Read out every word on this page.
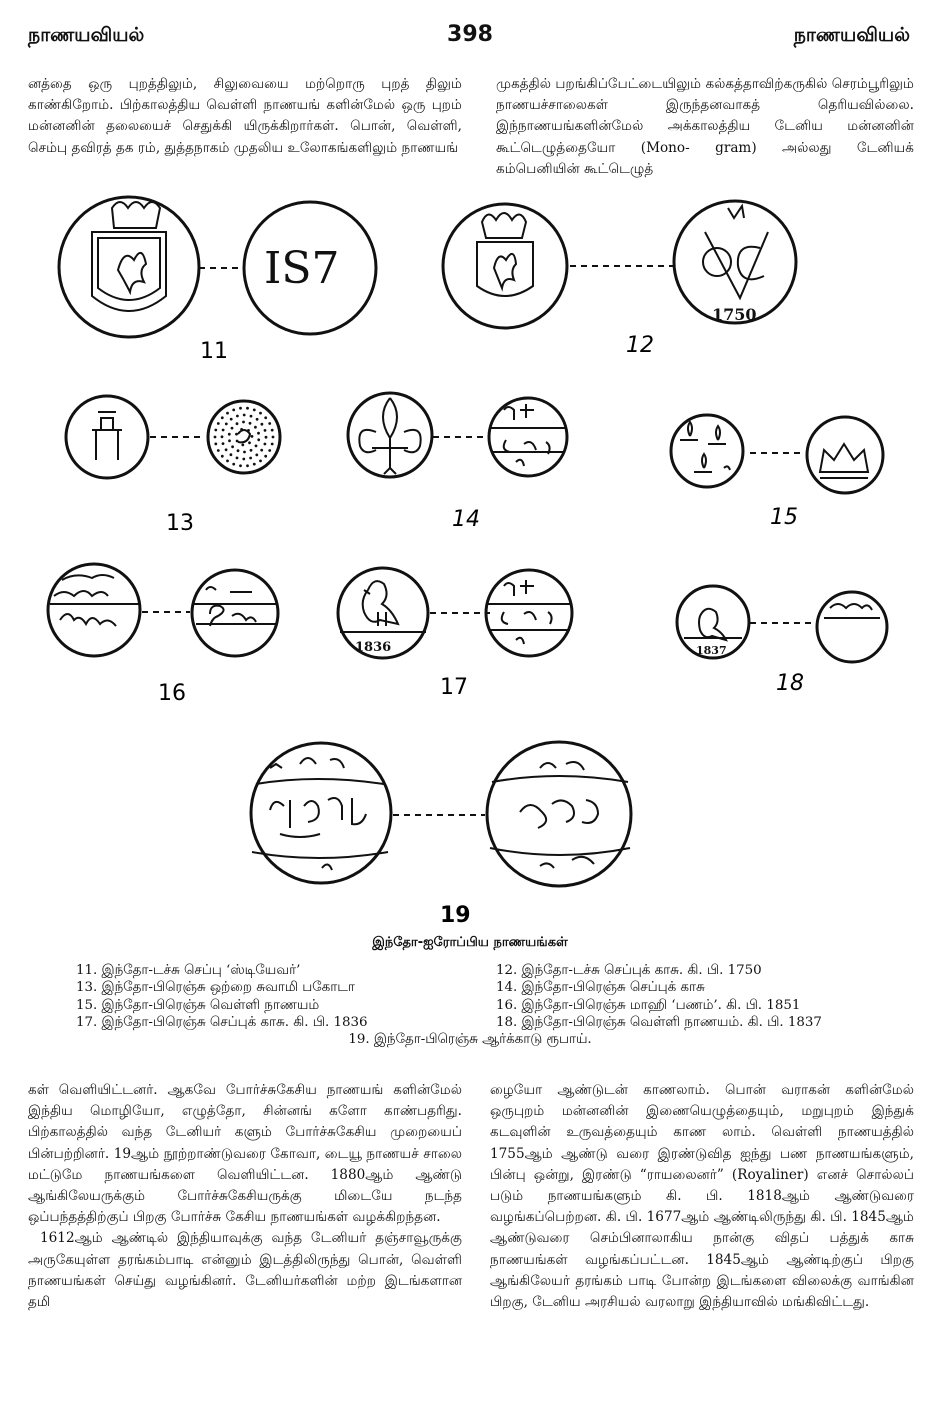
நாணயவியல்	398	நாணயவியல்

னத்தை ஒரு புறத்திலும், சிலுவையை மற்றொரு புறத் திலும் காண்கிறோம். பிற்காலத்திய வெள்ளி நாணயங் களின்மேல் ஒரு புறம் மன்னனின் தலையைச் செதுக்கி யிருக்கிறார்கள். பொன், வெள்ளி, செம்பு தவிரத் தக ரம், துத்தநாகம் முதலிய உலோகங்களிலும் நாணயங்

முகத்தில் பறங்கிப்பேட்டையிலும் கல்கத்தாவிற்கருகில் செரம்பூரிலும் நாணயச்சாலைகள் இருந்தனவாகத் தெரியவில்லை. இந்நாணயங்களின்மேல் அக்காலத்திய டேனிய மன்னனின் கூட்டெழுத்தையோ (Mono- gram) அல்லது டேனியக் கம்பெனியின் கூட்டெழுத்

IS7
11
1750
12
13	14	15
16
1836
17
1837
18
19
இந்தோ-ஐரோப்பிய நாணயங்கள்
11. இந்தோ-டச்சு செப்பு ‘ஸ்டியேவர்’
13. இந்தோ-பிரெஞ்சு ஒற்றை சுவாமி பகோடா
15. இந்தோ-பிரெஞ்சு வெள்ளி நாணயம்
17. இந்தோ-பிரெஞ்சு செப்புக் காசு. கி. பி. 1836
12. இந்தோ-டச்சு செப்புக் காசு. கி. பி. 1750
14. இந்தோ-பிரெஞ்சு செப்புக் காசு
16. இந்தோ-பிரெஞ்சு மாஹி ‘பணம்’. கி. பி. 1851
18. இந்தோ-பிரெஞ்சு வெள்ளி நாணயம். கி. பி. 1837
19. இந்தோ-பிரெஞ்சு ஆர்க்காடு ரூபாய்.

கள் வெளியிட்டனர். ஆகவே போர்ச்சுகேசிய நாணயங் களின்மேல் இந்திய மொழியோ, எழுத்தோ, சின்னங் களோ காண்பதரிது. பிற்காலத்தில் வந்த டேனியர் களும் போர்ச்சுகேசிய முறையைப் பின்பற்றினர். 19ஆம் நூற்றாண்டுவரை கோவா, டையூ நாணயச் சாலை மட்டுமே நாணயங்களை வெளியிட்டன. 1880ஆம் ஆண்டு ஆங்கிலேயருக்கும் போர்ச்சுகேசியருக்கு மிடையே நடந்த ஒப்பந்தத்திற்குப் பிறகு போர்ச்சு கேசிய நாணயங்கள் வழக்கிறந்தன.

1612ஆம் ஆண்டில் இந்தியாவுக்கு வந்த டேனியர் தஞ்சாவூருக்கு அருகேயுள்ள தரங்கம்பாடி என்னும் இடத்திலிருந்து பொன், வெள்ளி நாணயங்கள் செய்து வழங்கினர். டேனியர்களின் மற்ற இடங்களான தமி

ழையோ ஆண்டுடன் காணலாம். பொன் வராகன் களின்மேல் ஒருபுறம் மன்னனின் இணையெழுத்தையும், மறுபுறம் இந்துக் கடவுளின் உருவத்தையும் காண லாம். வெள்ளி நாணயத்தில் 1755ஆம் ஆண்டு வரை இரண்டுவித ஐந்து பண நாணயங்களும், பின்பு ஒன்று, இரண்டு “ராயலைனர்” (Royaliner) எனச் சொல்லப் படும் நாணயங்களும் கி. பி. 1818ஆம் ஆண்டுவரை வழங்கப்பெற்றன. கி. பி. 1677ஆம் ஆண்டிலிருந்து கி. பி. 1845ஆம் ஆண்டுவரை செம்பினாலாகிய நான்கு விதப் பத்துக் காசு நாணயங்கள் வழங்கப்பட்டன. 1845ஆம் ஆண்டிற்குப் பிறகு ஆங்கிலேயர் தரங்கம் பாடி போன்ற இடங்களை விலைக்கு வாங்கின பிறகு, டேனிய அரசியல் வரலாறு இந்தியாவில் மங்கிவிட்டது.
